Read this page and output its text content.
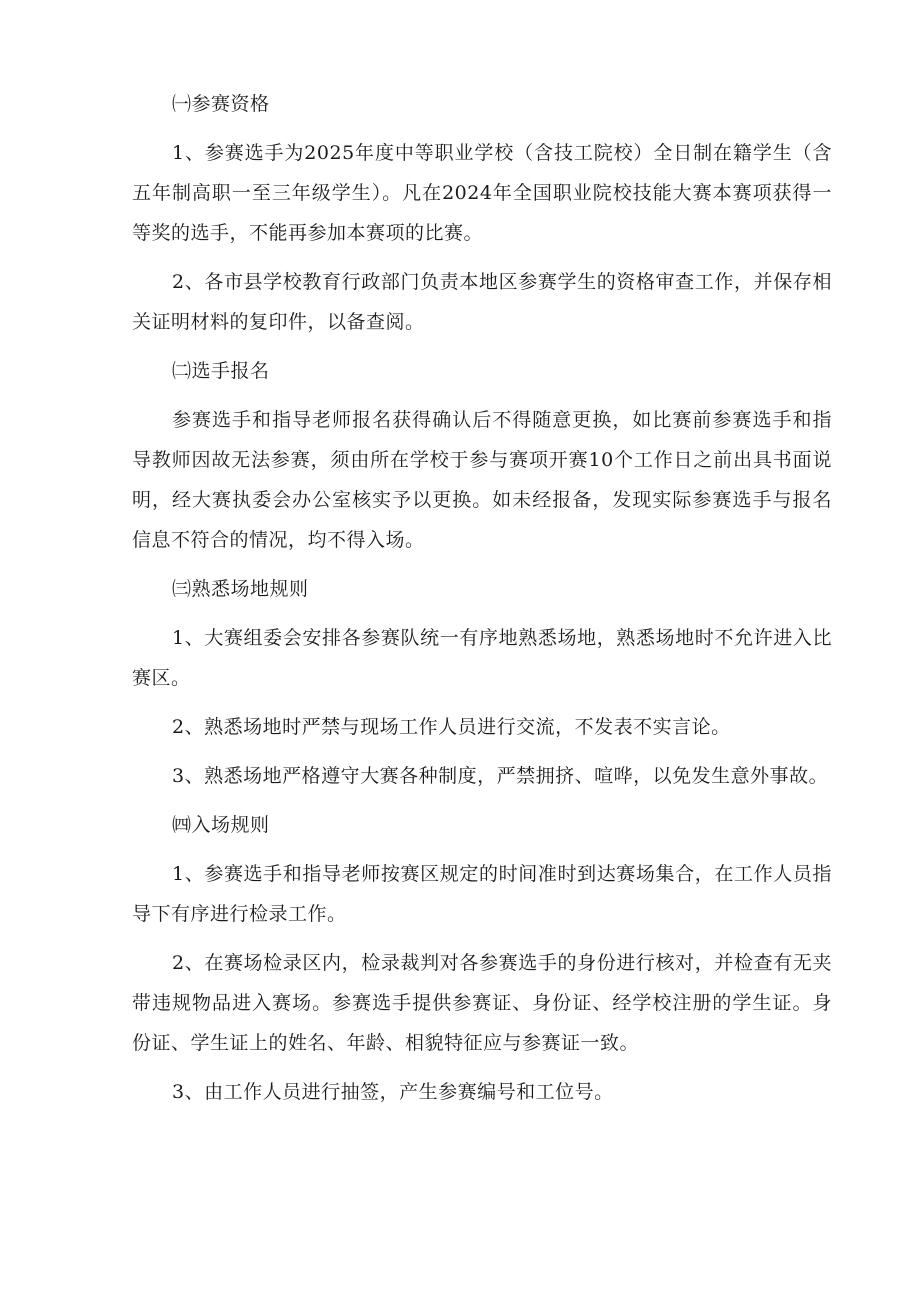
㈠参赛资格

1、参赛选手为2025年度中等职业学校（含技工院校）全日制在籍学生（含五年制高职一至三年级学生）。凡在2024年全国职业院校技能大赛本赛项获得一等奖的选手，不能再参加本赛项的比赛。

2、各市县学校教育行政部门负责本地区参赛学生的资格审查工作，并保存相关证明材料的复印件，以备查阅。

㈡选手报名

参赛选手和指导老师报名获得确认后不得随意更换，如比赛前参赛选手和指导教师因故无法参赛，须由所在学校于参与赛项开赛10个工作日之前出具书面说明，经大赛执委会办公室核实予以更换。如未经报备，发现实际参赛选手与报名信息不符合的情况，均不得入场。

㈢熟悉场地规则

1、大赛组委会安排各参赛队统一有序地熟悉场地，熟悉场地时不允许进入比赛区。

2、熟悉场地时严禁与现场工作人员进行交流，不发表不实言论。

3、熟悉场地严格遵守大赛各种制度，严禁拥挤、喧哗，以免发生意外事故。

㈣入场规则

1、参赛选手和指导老师按赛区规定的时间准时到达赛场集合，在工作人员指导下有序进行检录工作。

2、在赛场检录区内，检录裁判对各参赛选手的身份进行核对，并检查有无夹带违规物品进入赛场。参赛选手提供参赛证、身份证、经学校注册的学生证。身份证、学生证上的姓名、年龄、相貌特征应与参赛证一致。

3、由工作人员进行抽签，产生参赛编号和工位号。
